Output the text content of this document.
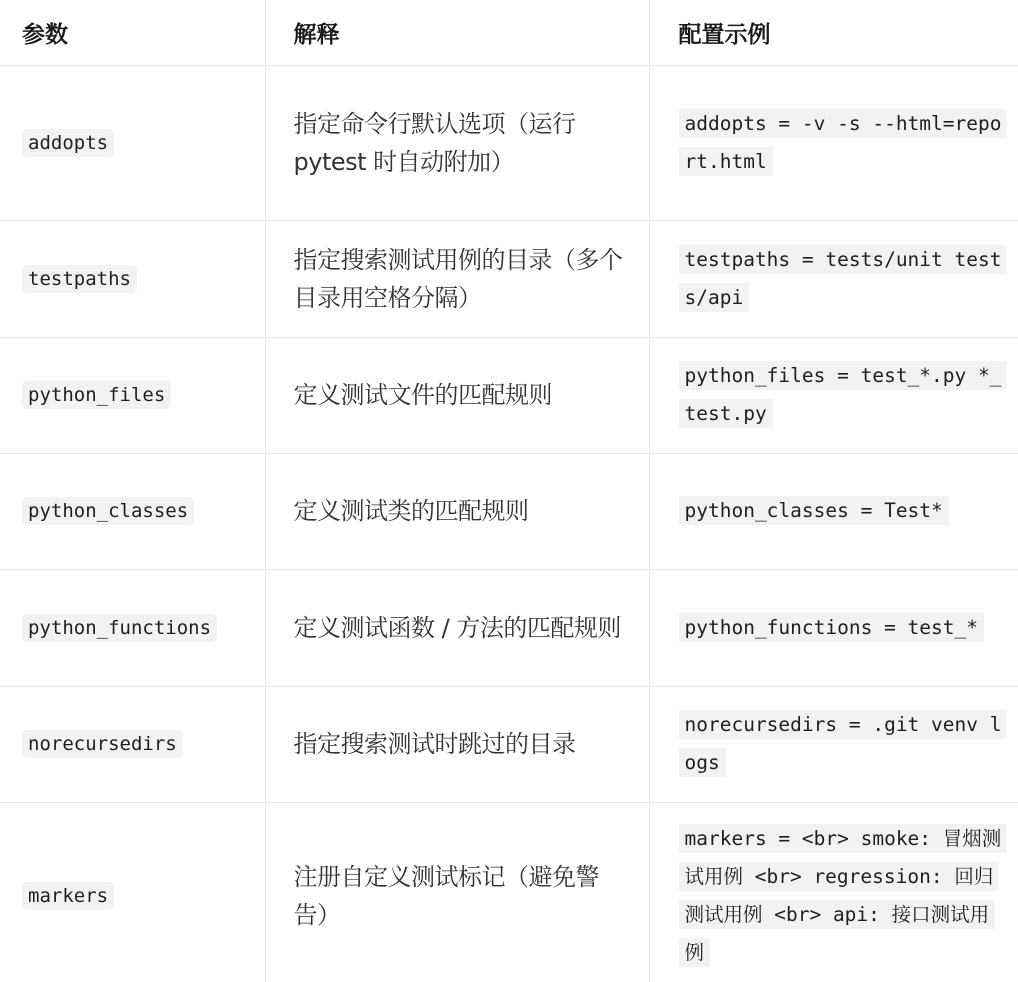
参数	解释	配置示例
addopts	指定命令行默认选项（运行 pytest 时自动附加）	addopts = -v -s --html=report.html

testpaths	指定搜索测试用例的目录（多个目录用空格分隔）	testpaths = tests/unit tests/api

python_files	定义测试文件的匹配规则	python_files = test_*.py *_test.py

python_classes	定义测试类的匹配规则	python_classes = Test*

python_functions	定义测试函数 / 方法的匹配规则	python_functions = test_*

norecursedirs	指定搜索测试时跳过的目录	norecursedirs = .git venv logs

markers	注册自定义测试标记（避免警告）	markers = <br> smoke: 冒烟测试用例 <br> regression: 回归测试用例 <br> api: 接口测试用例
